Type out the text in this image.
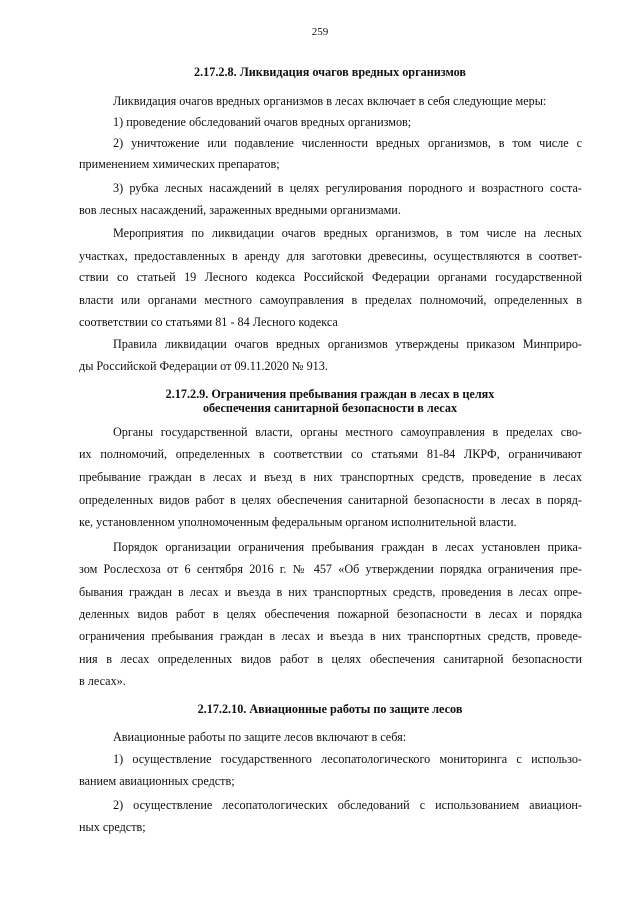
259
2.17.2.8. Ликвидация очагов вредных организмов
Ликвидация очагов вредных организмов в лесах включает в себя следующие меры:
1) проведение обследований очагов вредных организмов;
2) уничтожение или подавление численности вредных организмов, в том числе с
применением химических препаратов;
3) рубка лесных насаждений в целях регулирования породного и возрастного соста-
вов лесных насаждений, зараженных вредными организмами.
Мероприятия по ликвидации очагов вредных организмов, в том числе на лесных
участках, предоставленных в аренду для заготовки древесины, осуществляются в соответ-
ствии со статьей 19 Лесного кодекса Российской Федерации органами государственной
власти или органами местного самоуправления в пределах полномочий, определенных в
соответствии со статьями 81 - 84 Лесного кодекса
Правила ликвидации очагов вредных организмов утверждены приказом Минприро-
ды Российской Федерации от 09.11.2020 № 913.
2.17.2.9. Ограничения пребывания граждан в лесах в целях
обеспечения санитарной безопасности в лесах
Органы государственной власти, органы местного самоуправления в пределах сво-
их полномочий, определенных в соответствии со статьями 81-84 ЛКРФ, ограничивают
пребывание граждан в лесах и въезд в них транспортных средств, проведение в лесах
определенных видов работ в целях обеспечения санитарной безопасности в лесах в поряд-
ке, установленном уполномоченным федеральным органом исполнительной власти.
Порядок организации ограничения пребывания граждан в лесах установлен прика-
зом Рослесхоза от 6 сентября 2016 г. № 457 «Об утверждении порядка ограничения пре-
бывания граждан в лесах и въезда в них транспортных средств, проведения в лесах опре-
деленных видов работ в целях обеспечения пожарной безопасности в лесах и порядка
ограничения пребывания граждан в лесах и въезда в них транспортных средств, проведе-
ния в лесах определенных видов работ в целях обеспечения санитарной безопасности
в лесах».
2.17.2.10. Авиационные работы по защите лесов
Авиационные работы по защите лесов включают в себя:
1) осуществление государственного лесопатологического мониторинга с использо-
ванием авиационных средств;
2) осуществление лесопатологических обследований с использованием авиацион-
ных средств;
